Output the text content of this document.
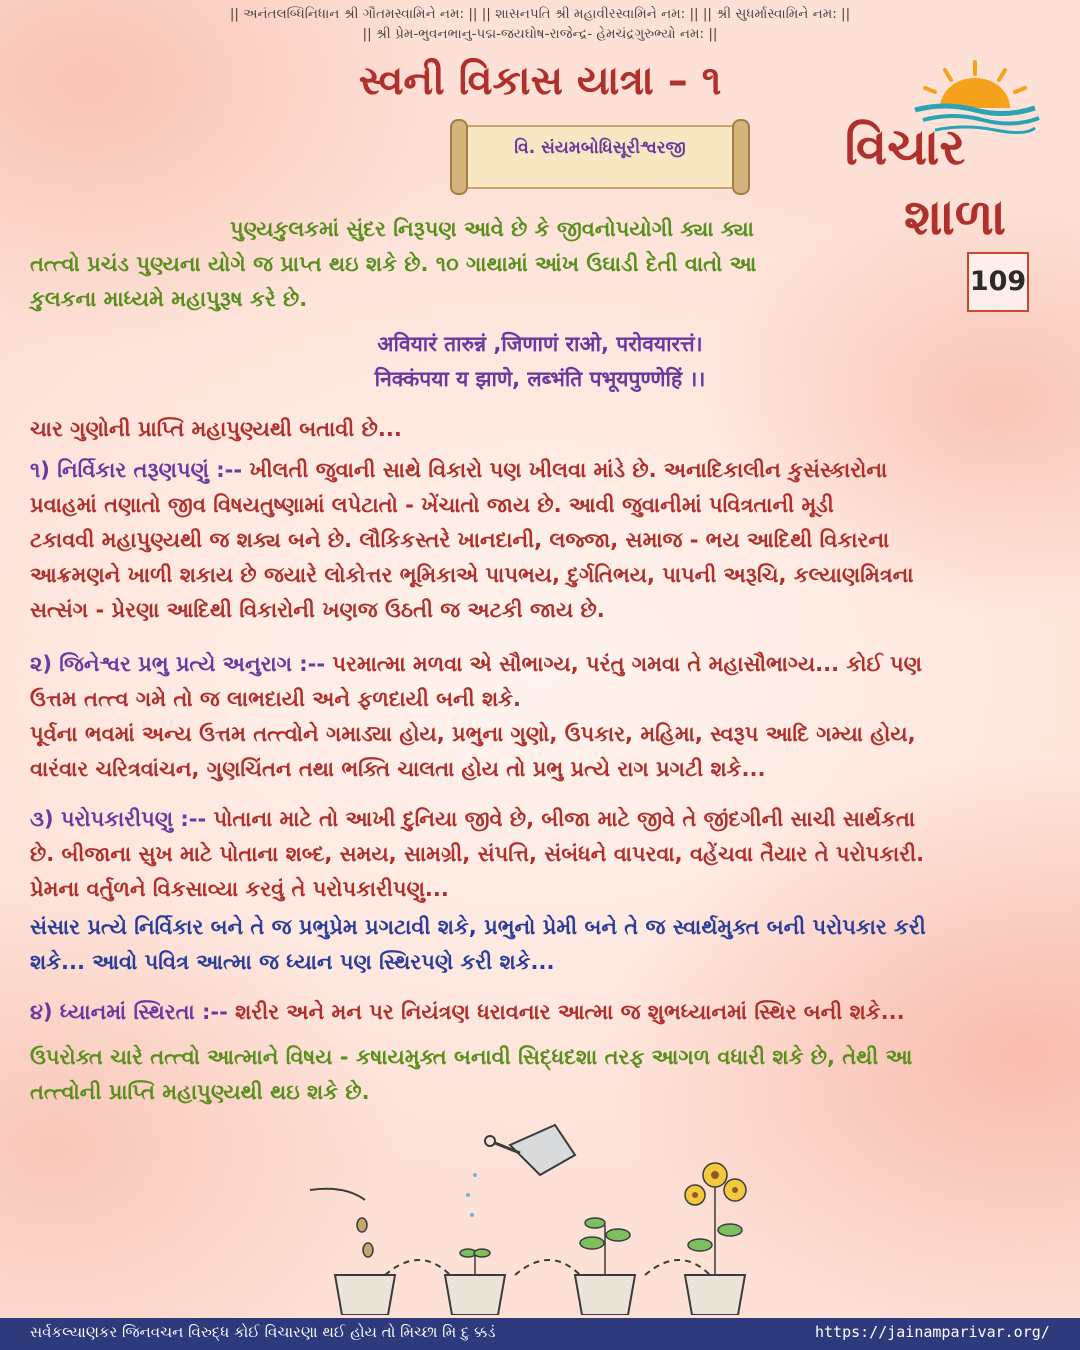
|| અનંતલબ્ધિનિધાન શ્રી ગૌતમસ્વામિને નમ: || || શાસનપતિ શ્રી મહાવીરસ્વામિને નમ: || || શ્રી સુધર્માસ્વામિને નમ: ||
|| શ્રી પ્રેમ-ભુવનભાનુ-પદ્મ-જયઘોષ-રાજેન્દ્ર- હેમચંદ્રગુરુભ્યો નમ: ||
સ્વની વિકાસ યાત્રા – ૧
વિ. સંયમબોધિસૂરીશ્વરજી	વિચાર
શાળા
109
પુણ્યકુલકમાં સુંદર નિરૂપણ આવે છે કે જીવનોપયોગી ક્યા ક્યા
તત્ત્વો પ્રચંડ પુણ્યના યોગે જ પ્રાપ્ત થઇ શકે છે. ૧૦ ગાથામાં આંખ ઉઘાડી દેતી વાતો આ
કુલકના માધ્યમે મહાપુરૂષ કરે છે.
अवियारं तारुन्नं ,जिणाणं राओ, परोवयारत्तं।
निक्कंपया य झाणे, लब्भंति पभूयपुण्णेहिं ।।
ચાર ગુણોની પ્રાપ્તિ મહાપુણ્યથી બતાવી છે...
૧) નિર્વિકાર તરૂણપણું :-- ખીલતી જુવાની સાથે વિકારો પણ ખીલવા માંડે છે. અનાદિકાલીન કુસંસ્કારોના
પ્રવાહમાં તણાતો જીવ વિષયતુષ્ણામાં લપેટાતો - ખેંચાતો જાય છે. આવી જુવાનીમાં પવિત્રતાની મૂડી
ટકાવવી મહાપુણ્યથી જ શક્ય બને છે. લૌકિકસ્તરે ખાનદાની, લજ્જા, સમાજ - ભય આદિથી વિકારના
આક્રમણને ખાળી શકાય છે જયારે લોકોત્તર ભૂમિકાએ પાપભય, દુર્ગતિભય, પાપની અરૂચિ, કલ્યાણમિત્રના
સત્સંગ - પ્રેરણા આદિથી વિકારોની ખણજ ઉઠતી જ અટકી જાય છે.
૨) જિનેશ્વર પ્રભુ પ્રત્યે અનુરાગ :-- પરમાત્મા મળવા એ સૌભાગ્ય, પરંતુ ગમવા તે મહાસૌભાગ્ય... કોઈ પણ
ઉત્તમ તત્ત્વ ગમે તો જ લાભદાયી અને ફળદાયી બની શકે.
પૂર્વના ભવમાં અન્ય ઉત્તમ તત્ત્વોને ગમાડ્યા હોય, પ્રભુના ગુણો, ઉપકાર, મહિમા, સ્વરૂપ આદિ ગમ્યા હોય,
વારંવાર ચરિત્રવાંચન, ગુણચિંતન તથા ભક્તિ ચાલતા હોય તો પ્રભુ પ્રત્યે રાગ પ્રગટી શકે...
૩) પરોપકારીપણુ :-- પોતાના માટે તો આખી દુનિયા જીવે છે, બીજા માટે જીવે તે જીંદગીની સાચી સાર્થકતા
છે. બીજાના સુખ માટે પોતાના શબ્દ, સમય, સામગ્રી, સંપત્તિ, સંબંધને વાપરવા, વહેંચવા તૈયાર તે પરોપકારી.
પ્રેમના વર્તુળને વિકસાવ્યા કરવું તે પરોપકારીપણુ...
સંસાર પ્રત્યે નિર્વિકાર બને તે જ પ્રભુપ્રેમ પ્રગટાવી શકે, પ્રભુનો પ્રેમી બને તે જ સ્વાર્થમુક્ત બની પરોપકાર કરી
શકે... આવો પવિત્ર આત્મા જ ધ્યાન પણ સ્થિરપણે કરી શકે...
૪) ધ્યાનમાં સ્થિરતા :-- શરીર અને મન પર નિયંત્રણ ધરાવનાર આત્મા જ શુભધ્યાનમાં સ્થિર બની શકે...
ઉપરોક્ત ચારે તત્ત્વો આત્માને વિષય - કષાયમુક્ત બનાવી સિદ્ધદશા તરફ આગળ વધારી શકે છે, તેથી આ
તત્ત્વોની પ્રાપ્તિ મહાપુણ્યથી થઇ શકે છે.
સર્વકલ્યાણકર જિનવચન વિરુદ્ધ કોઈ વિચારણા થઈ હોય તો મિચ્છા મિ દુ ક્કડં	https://jainamparivar.org/
